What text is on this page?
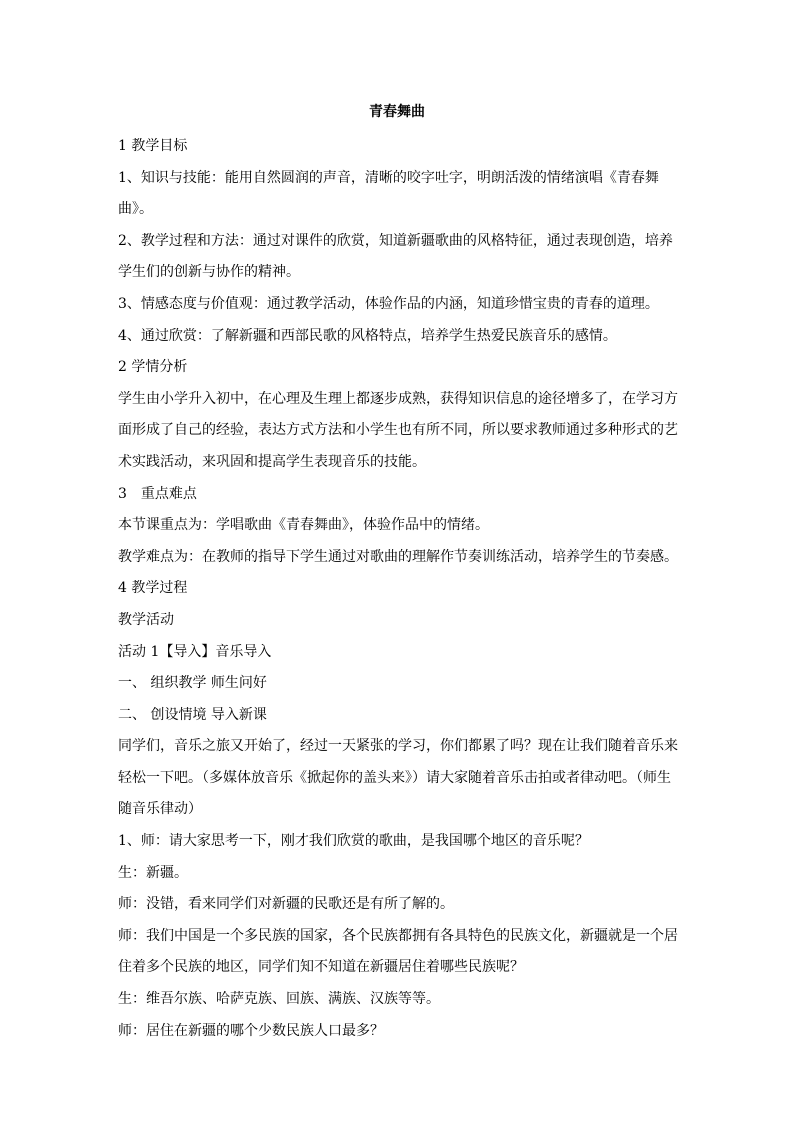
青春舞曲

1 教学目标

1、知识与技能：能用自然圆润的声音，清晰的咬字吐字，明朗活泼的情绪演唱《青春舞曲》。

2、教学过程和方法：通过对课件的欣赏，知道新疆歌曲的风格特征，通过表现创造，培养学生们的创新与协作的精神。

3、情感态度与价值观：通过教学活动，体验作品的内涵，知道珍惜宝贵的青春的道理。

4、通过欣赏：了解新疆和西部民歌的风格特点，培养学生热爱民族音乐的感情。

2 学情分析

学生由小学升入初中，在心理及生理上都逐步成熟，获得知识信息的途径增多了，在学习方面形成了自己的经验，表达方式方法和小学生也有所不同，所以要求教师通过多种形式的艺术实践活动，来巩固和提高学生表现音乐的技能。

3　重点难点

本节课重点为：学唱歌曲《青春舞曲》，体验作品中的情绪。

教学难点为：在教师的指导下学生通过对歌曲的理解作节奏训练活动，培养学生的节奏感。

4 教学过程

教学活动

活动 1【导入】音乐导入

一、 组织教学 师生问好

二、 创设情境 导入新课

同学们，音乐之旅又开始了，经过一天紧张的学习，你们都累了吗？现在让我们随着音乐来轻松一下吧。（多媒体放音乐《掀起你的盖头来》）请大家随着音乐击拍或者律动吧。（师生随音乐律动）

1、师：请大家思考一下，刚才我们欣赏的歌曲，是我国哪个地区的音乐呢？

生：新疆。

师：没错，看来同学们对新疆的民歌还是有所了解的。

师：我们中国是一个多民族的国家，各个民族都拥有各具特色的民族文化，新疆就是一个居住着多个民族的地区，同学们知不知道在新疆居住着哪些民族呢？

生：维吾尔族、哈萨克族、回族、满族、汉族等等。

师：居住在新疆的哪个少数民族人口最多？
